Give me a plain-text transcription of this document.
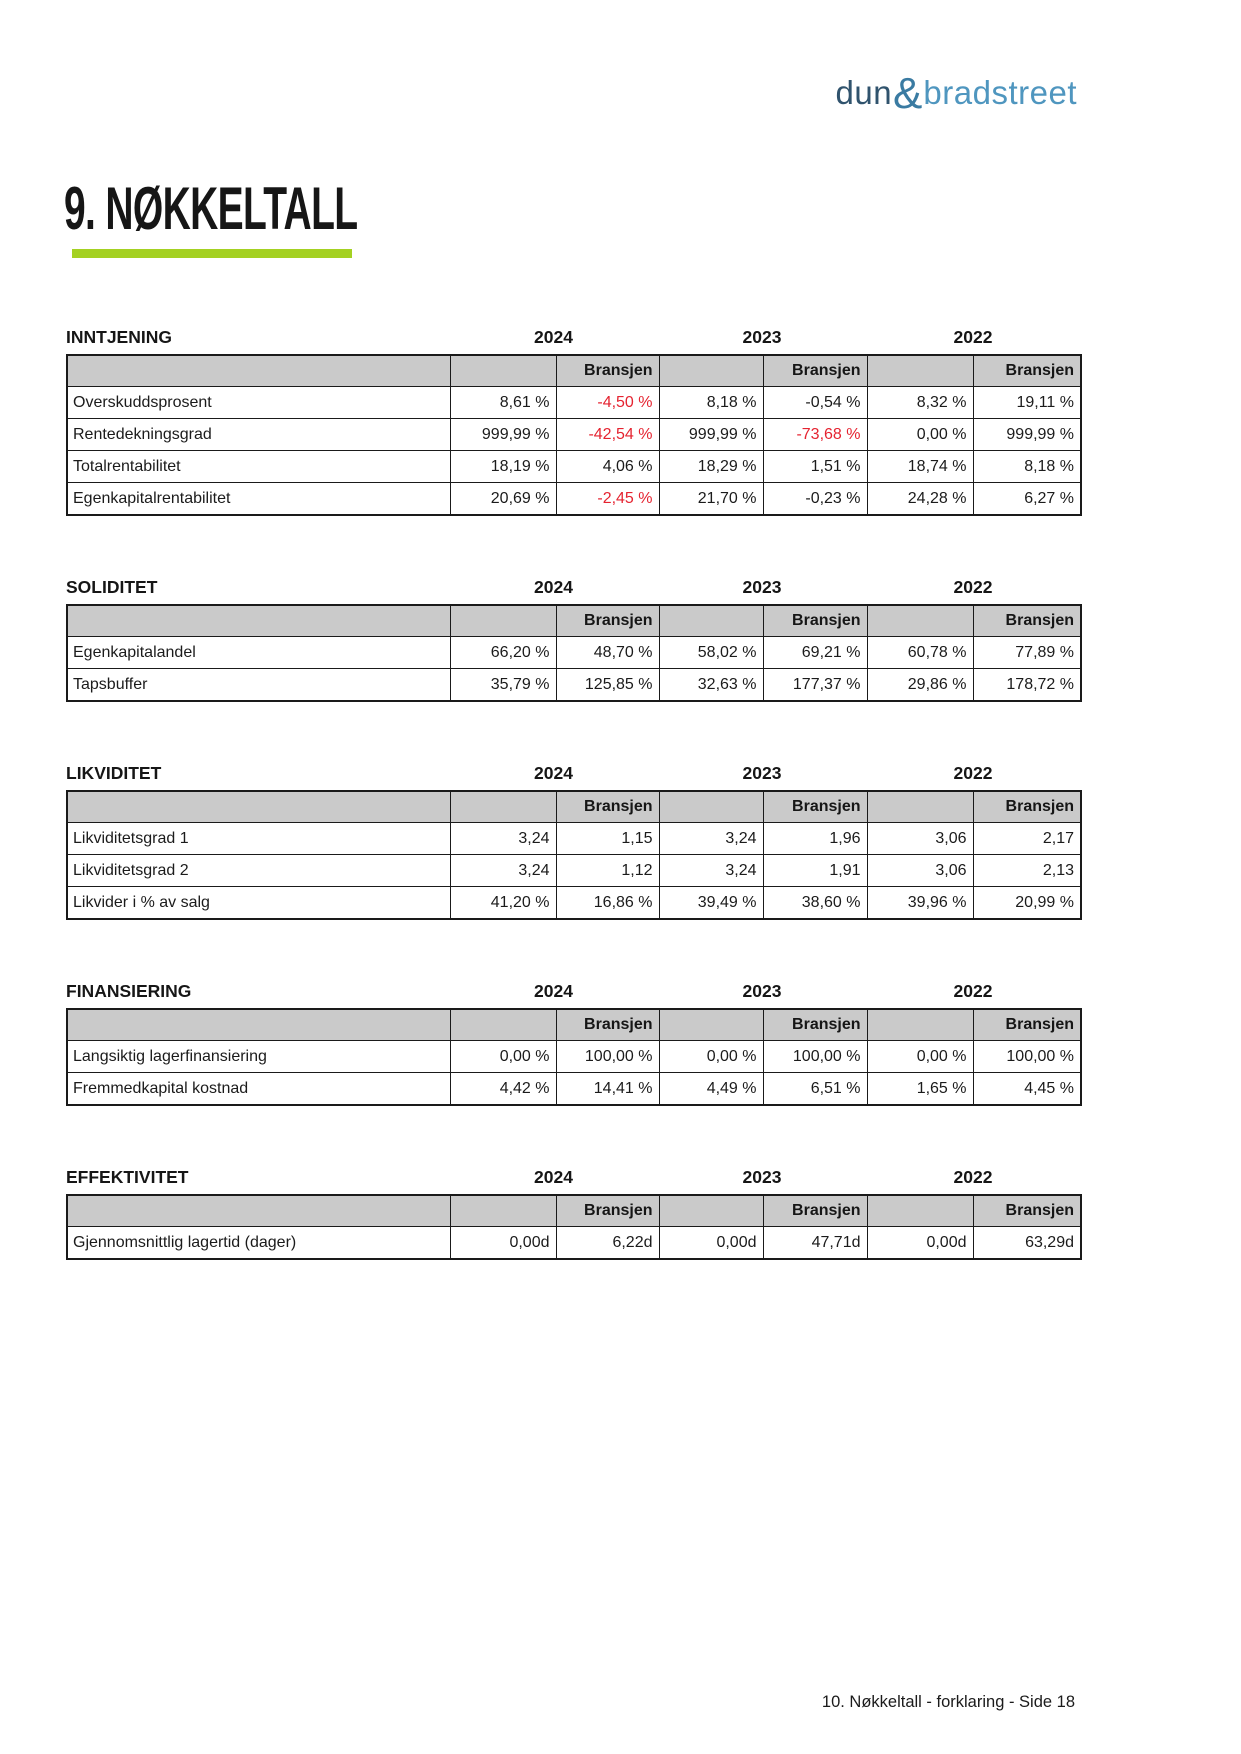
dun & bradstreet
9. NØKKELTALL
INNTJENING	2024	2023	2022
		Bransjen		Bransjen		Bransjen
Overskuddsprosent	8,61 %	-4,50 %	8,18 %	-0,54 %	8,32 %	19,11 %
Rentedekningsgrad	999,99 %	-42,54 %	999,99 %	-73,68 %	0,00 %	999,99 %
Totalrentabilitet	18,19 %	4,06 %	18,29 %	1,51 %	18,74 %	8,18 %
Egenkapitalrentabilitet	20,69 %	-2,45 %	21,70 %	-0,23 %	24,28 %	6,27 %
SOLIDITET	2024	2023	2022
		Bransjen		Bransjen		Bransjen
Egenkapitalandel	66,20 %	48,70 %	58,02 %	69,21 %	60,78 %	77,89 %
Tapsbuffer	35,79 %	125,85 %	32,63 %	177,37 %	29,86 %	178,72 %
LIKVIDITET	2024	2023	2022
		Bransjen		Bransjen		Bransjen
Likviditetsgrad 1	3,24	1,15	3,24	1,96	3,06	2,17
Likviditetsgrad 2	3,24	1,12	3,24	1,91	3,06	2,13
Likvider i % av salg	41,20 %	16,86 %	39,49 %	38,60 %	39,96 %	20,99 %
FINANSIERING	2024	2023	2022
		Bransjen		Bransjen		Bransjen
Langsiktig lagerfinansiering	0,00 %	100,00 %	0,00 %	100,00 %	0,00 %	100,00 %
Fremmedkapital kostnad	4,42 %	14,41 %	4,49 %	6,51 %	1,65 %	4,45 %
EFFEKTIVITET	2024	2023	2022
		Bransjen		Bransjen		Bransjen
Gjennomsnittlig lagertid (dager)	0,00d	6,22d	0,00d	47,71d	0,00d	63,29d
10. Nøkkeltall - forklaring - Side 18
